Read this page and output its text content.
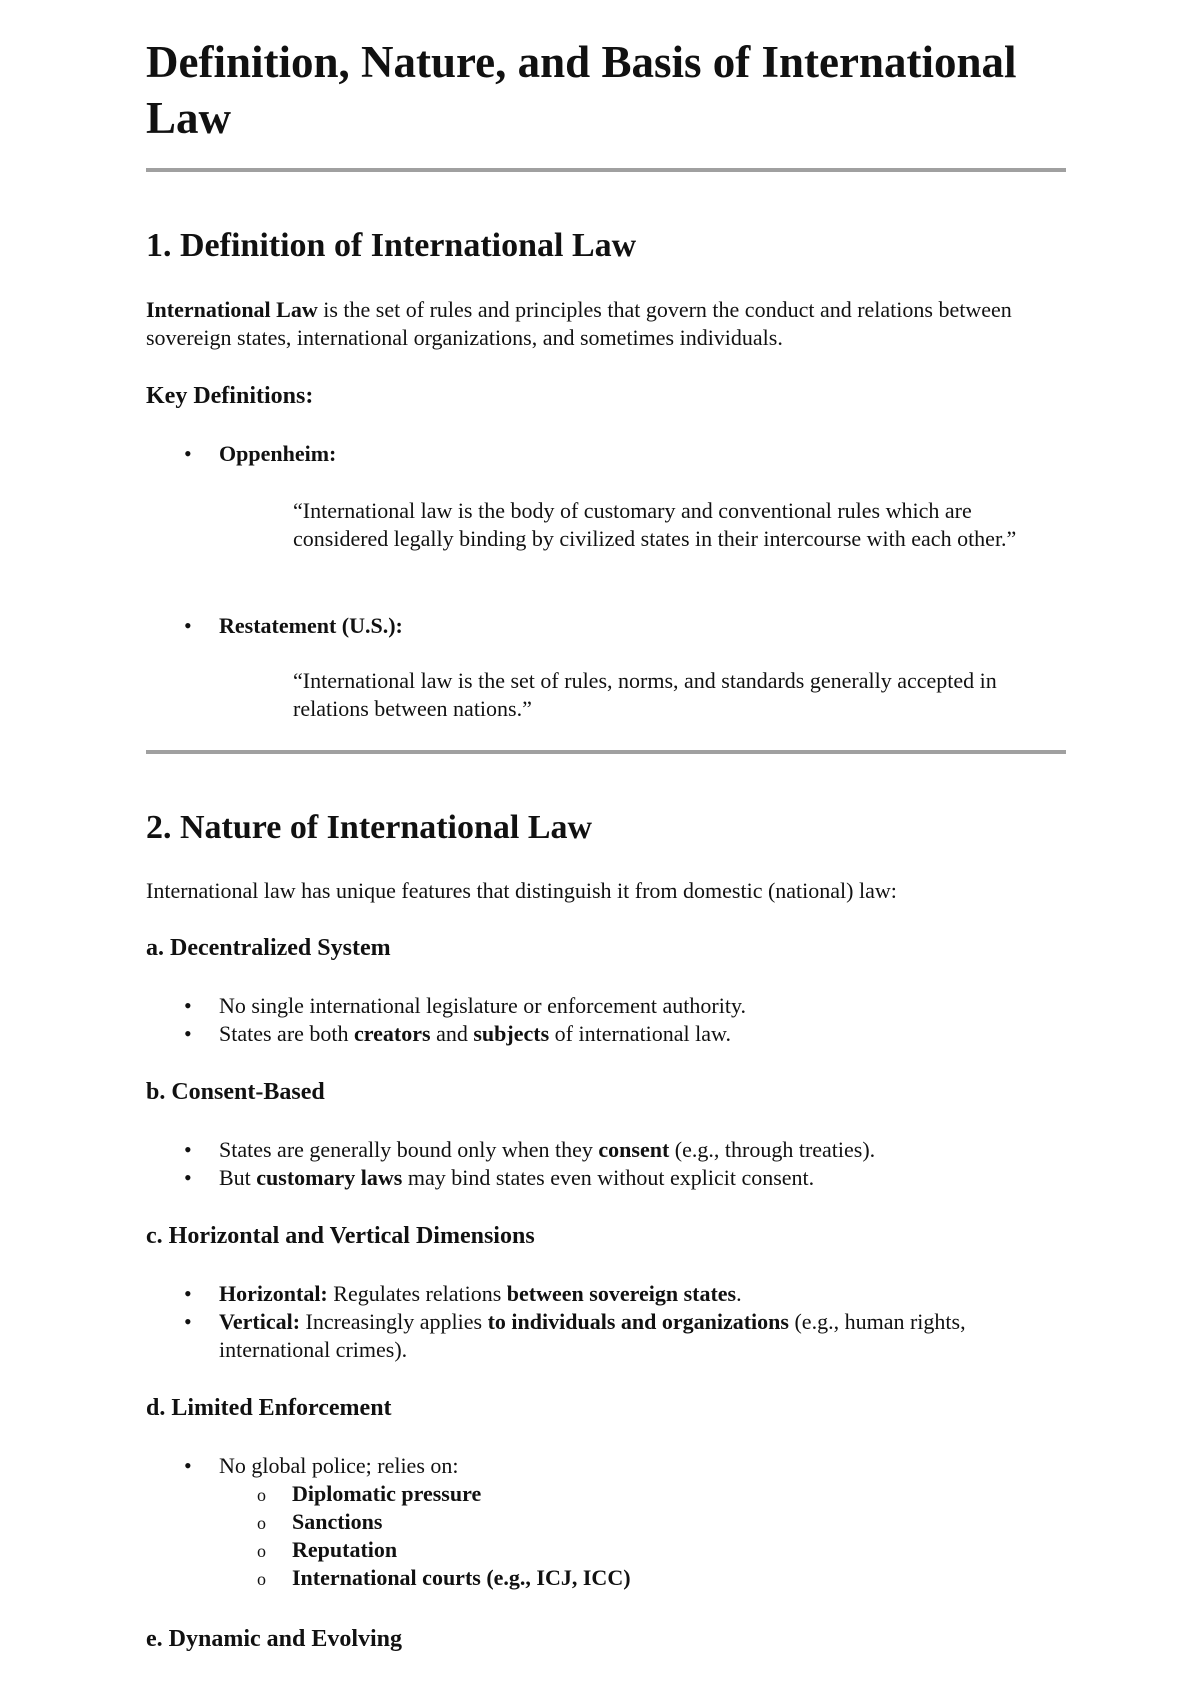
Definition, Nature, and Basis of International Law
1. Definition of International Law

International Law is the set of rules and principles that govern the conduct and relations between sovereign states, international organizations, and sometimes individuals.

Key Definitions:
• Oppenheim:
“International law is the body of customary and conventional rules which are considered legally binding by civilized states in their intercourse with each other.”
• Restatement (U.S.):
“International law is the set of rules, norms, and standards generally accepted in relations between nations.”
2. Nature of International Law

International law has unique features that distinguish it from domestic (national) law:

a. Decentralized System
• No single international legislature or enforcement authority.
• States are both creators and subjects of international law.
b. Consent-Based
• States are generally bound only when they consent (e.g., through treaties).
• But customary laws may bind states even without explicit consent.
c. Horizontal and Vertical Dimensions
• Horizontal: Regulates relations between sovereign states.
• Vertical: Increasingly applies to individuals and organizations (e.g., human rights, international crimes).
d. Limited Enforcement
• No global police; relies on:
o Diplomatic pressure
o Sanctions
o Reputation
o International courts (e.g., ICJ, ICC)
e. Dynamic and Evolving
